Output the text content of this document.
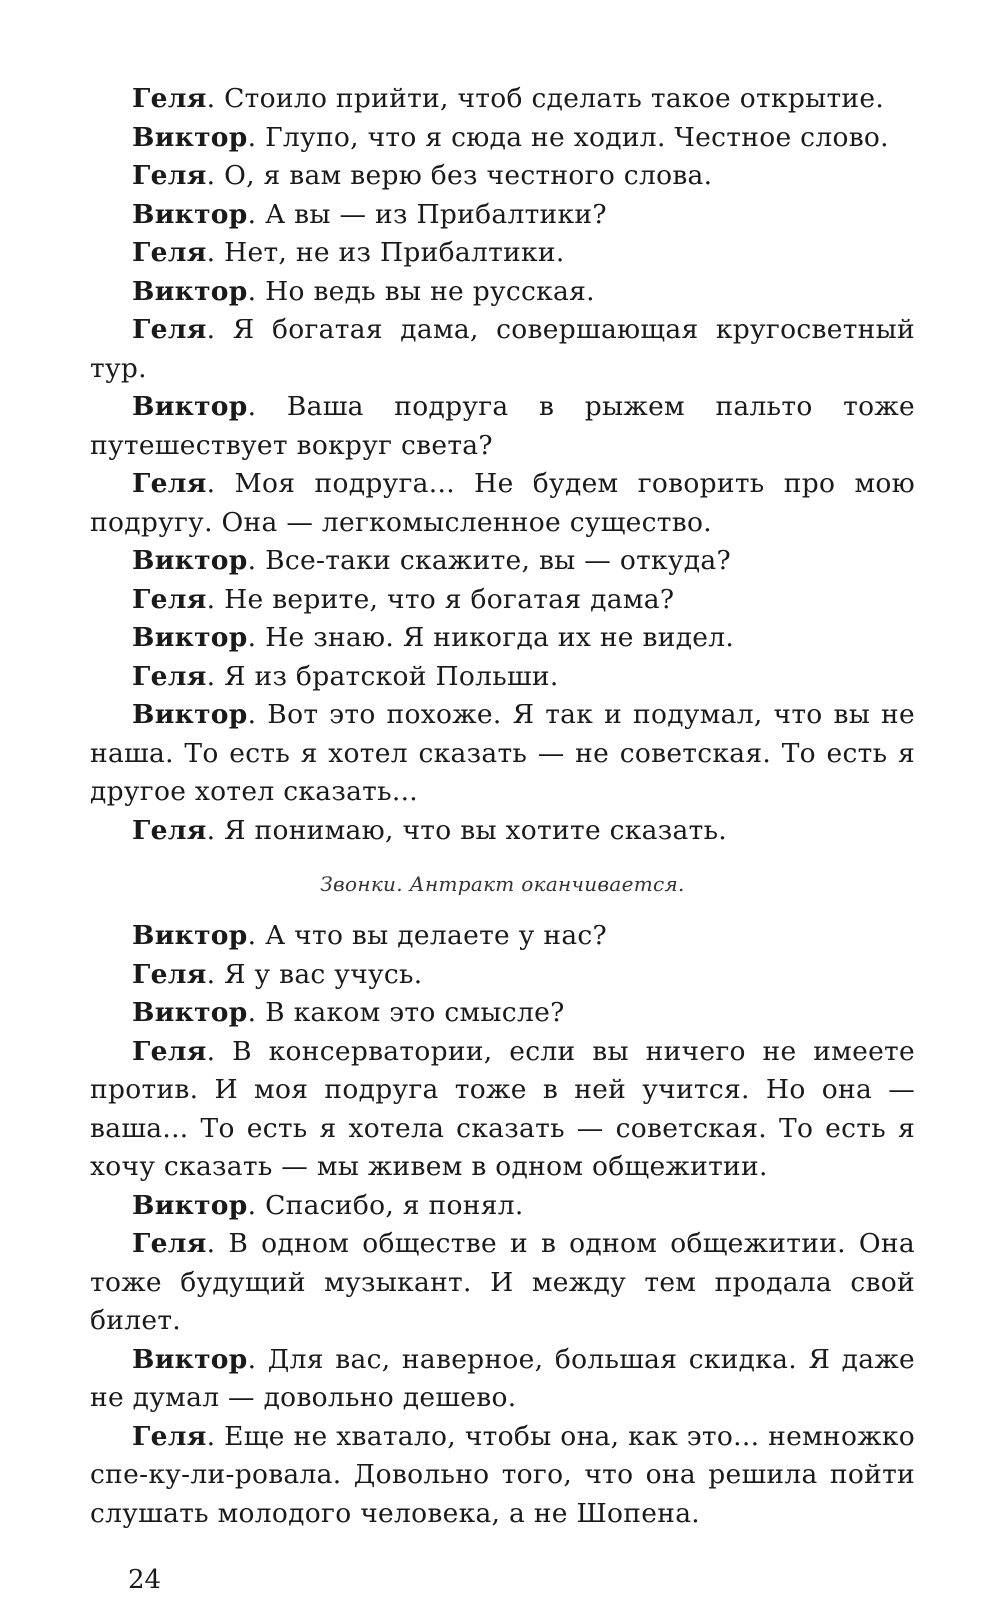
Геля. Стоило прийти, чтоб сделать такое открытие.

Виктор. Глупо, что я сюда не ходил. Честное слово.

Геля. О, я вам верю без честного слова.

Виктор. А вы — из Прибалтики?

Геля. Нет, не из Прибалтики.

Виктор. Но ведь вы не русская.

Геля. Я богатая дама, совершающая кругосветный тур.

Виктор. Ваша подруга в рыжем пальто тоже путешествует вокруг света?

Геля. Моя подруга... Не будем говорить про мою подругу. Она — легкомысленное существо.

Виктор. Все-таки скажите, вы — откуда?

Геля. Не верите, что я богатая дама?

Виктор. Не знаю. Я никогда их не видел.

Геля. Я из братской Польши.

Виктор. Вот это похоже. Я так и подумал, что вы не наша. То есть я хотел сказать — не советская. То есть я другое хотел сказать...

Геля. Я понимаю, что вы хотите сказать.

Звонки. Антракт оканчивается.

Виктор. А что вы делаете у нас?

Геля. Я у вас учусь.

Виктор. В каком это смысле?

Геля. В консерватории, если вы ничего не имеете против. И моя подруга тоже в ней учится. Но она — ваша... То есть я хотела сказать — советская. То есть я хочу сказать — мы живем в одном общежитии.

Виктор. Спасибо, я понял.

Геля. В одном обществе и в одном общежитии. Она тоже будущий музыкант. И между тем продала свой билет.

Виктор. Для вас, наверное, большая скидка. Я даже не думал — довольно дешево.

Геля. Еще не хватало, чтобы она, как это... немножко спе-ку-ли-ровала. Довольно того, что она решила пойти слушать молодого человека, а не Шопена.

24
